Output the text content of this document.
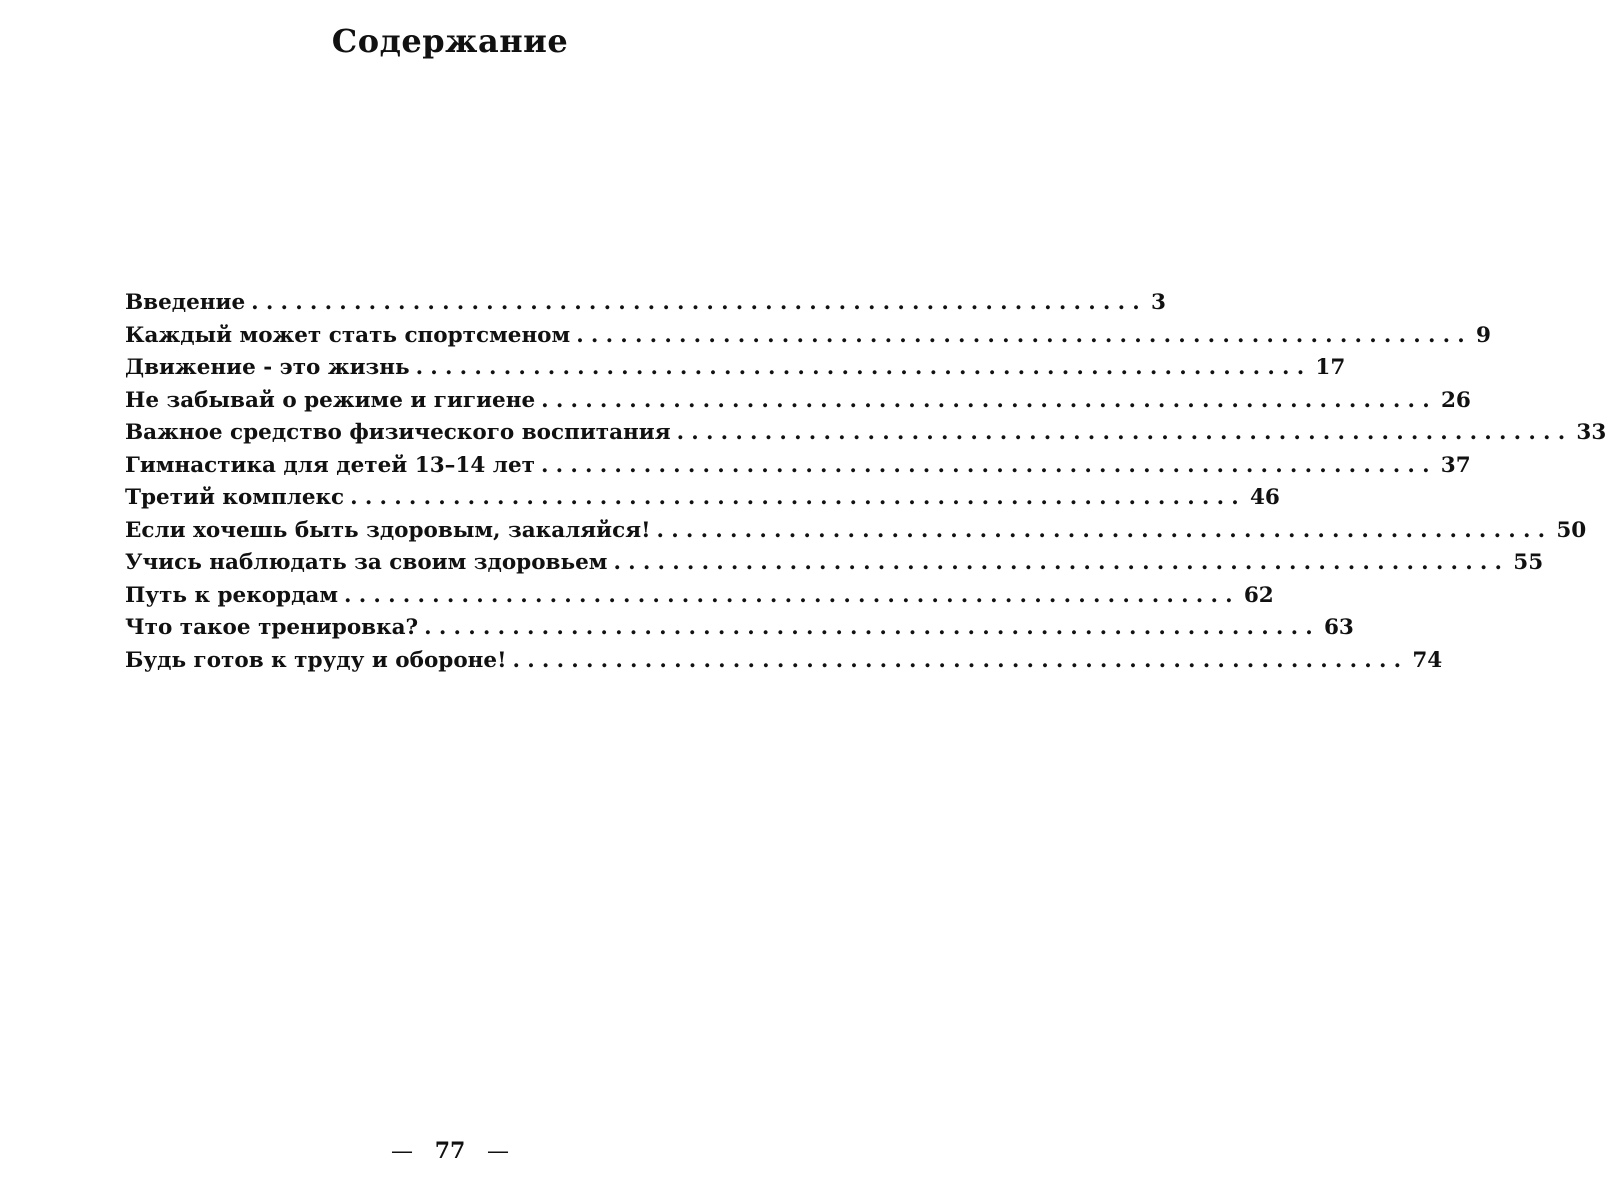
Содержание
Введение ............................................................. 3
Каждый может стать спортсменом ............................................................. 9
Движение - это жизнь ............................................................. 17
Не забывай о режиме и гигиене ............................................................. 26
Важное средство физического воспитания ............................................................. 33
Гимнастика для детей 13–14 лет ............................................................. 37
Третий комплекс ............................................................. 46
Если хочешь быть здоровым, закаляйся! ............................................................. 50
Учись наблюдать за своим здоровьем ............................................................. 55
Путь к рекордам ............................................................. 62
Что такое тренировка? ............................................................. 63
Будь готов к труду и обороне! ............................................................. 74
— 77 —
